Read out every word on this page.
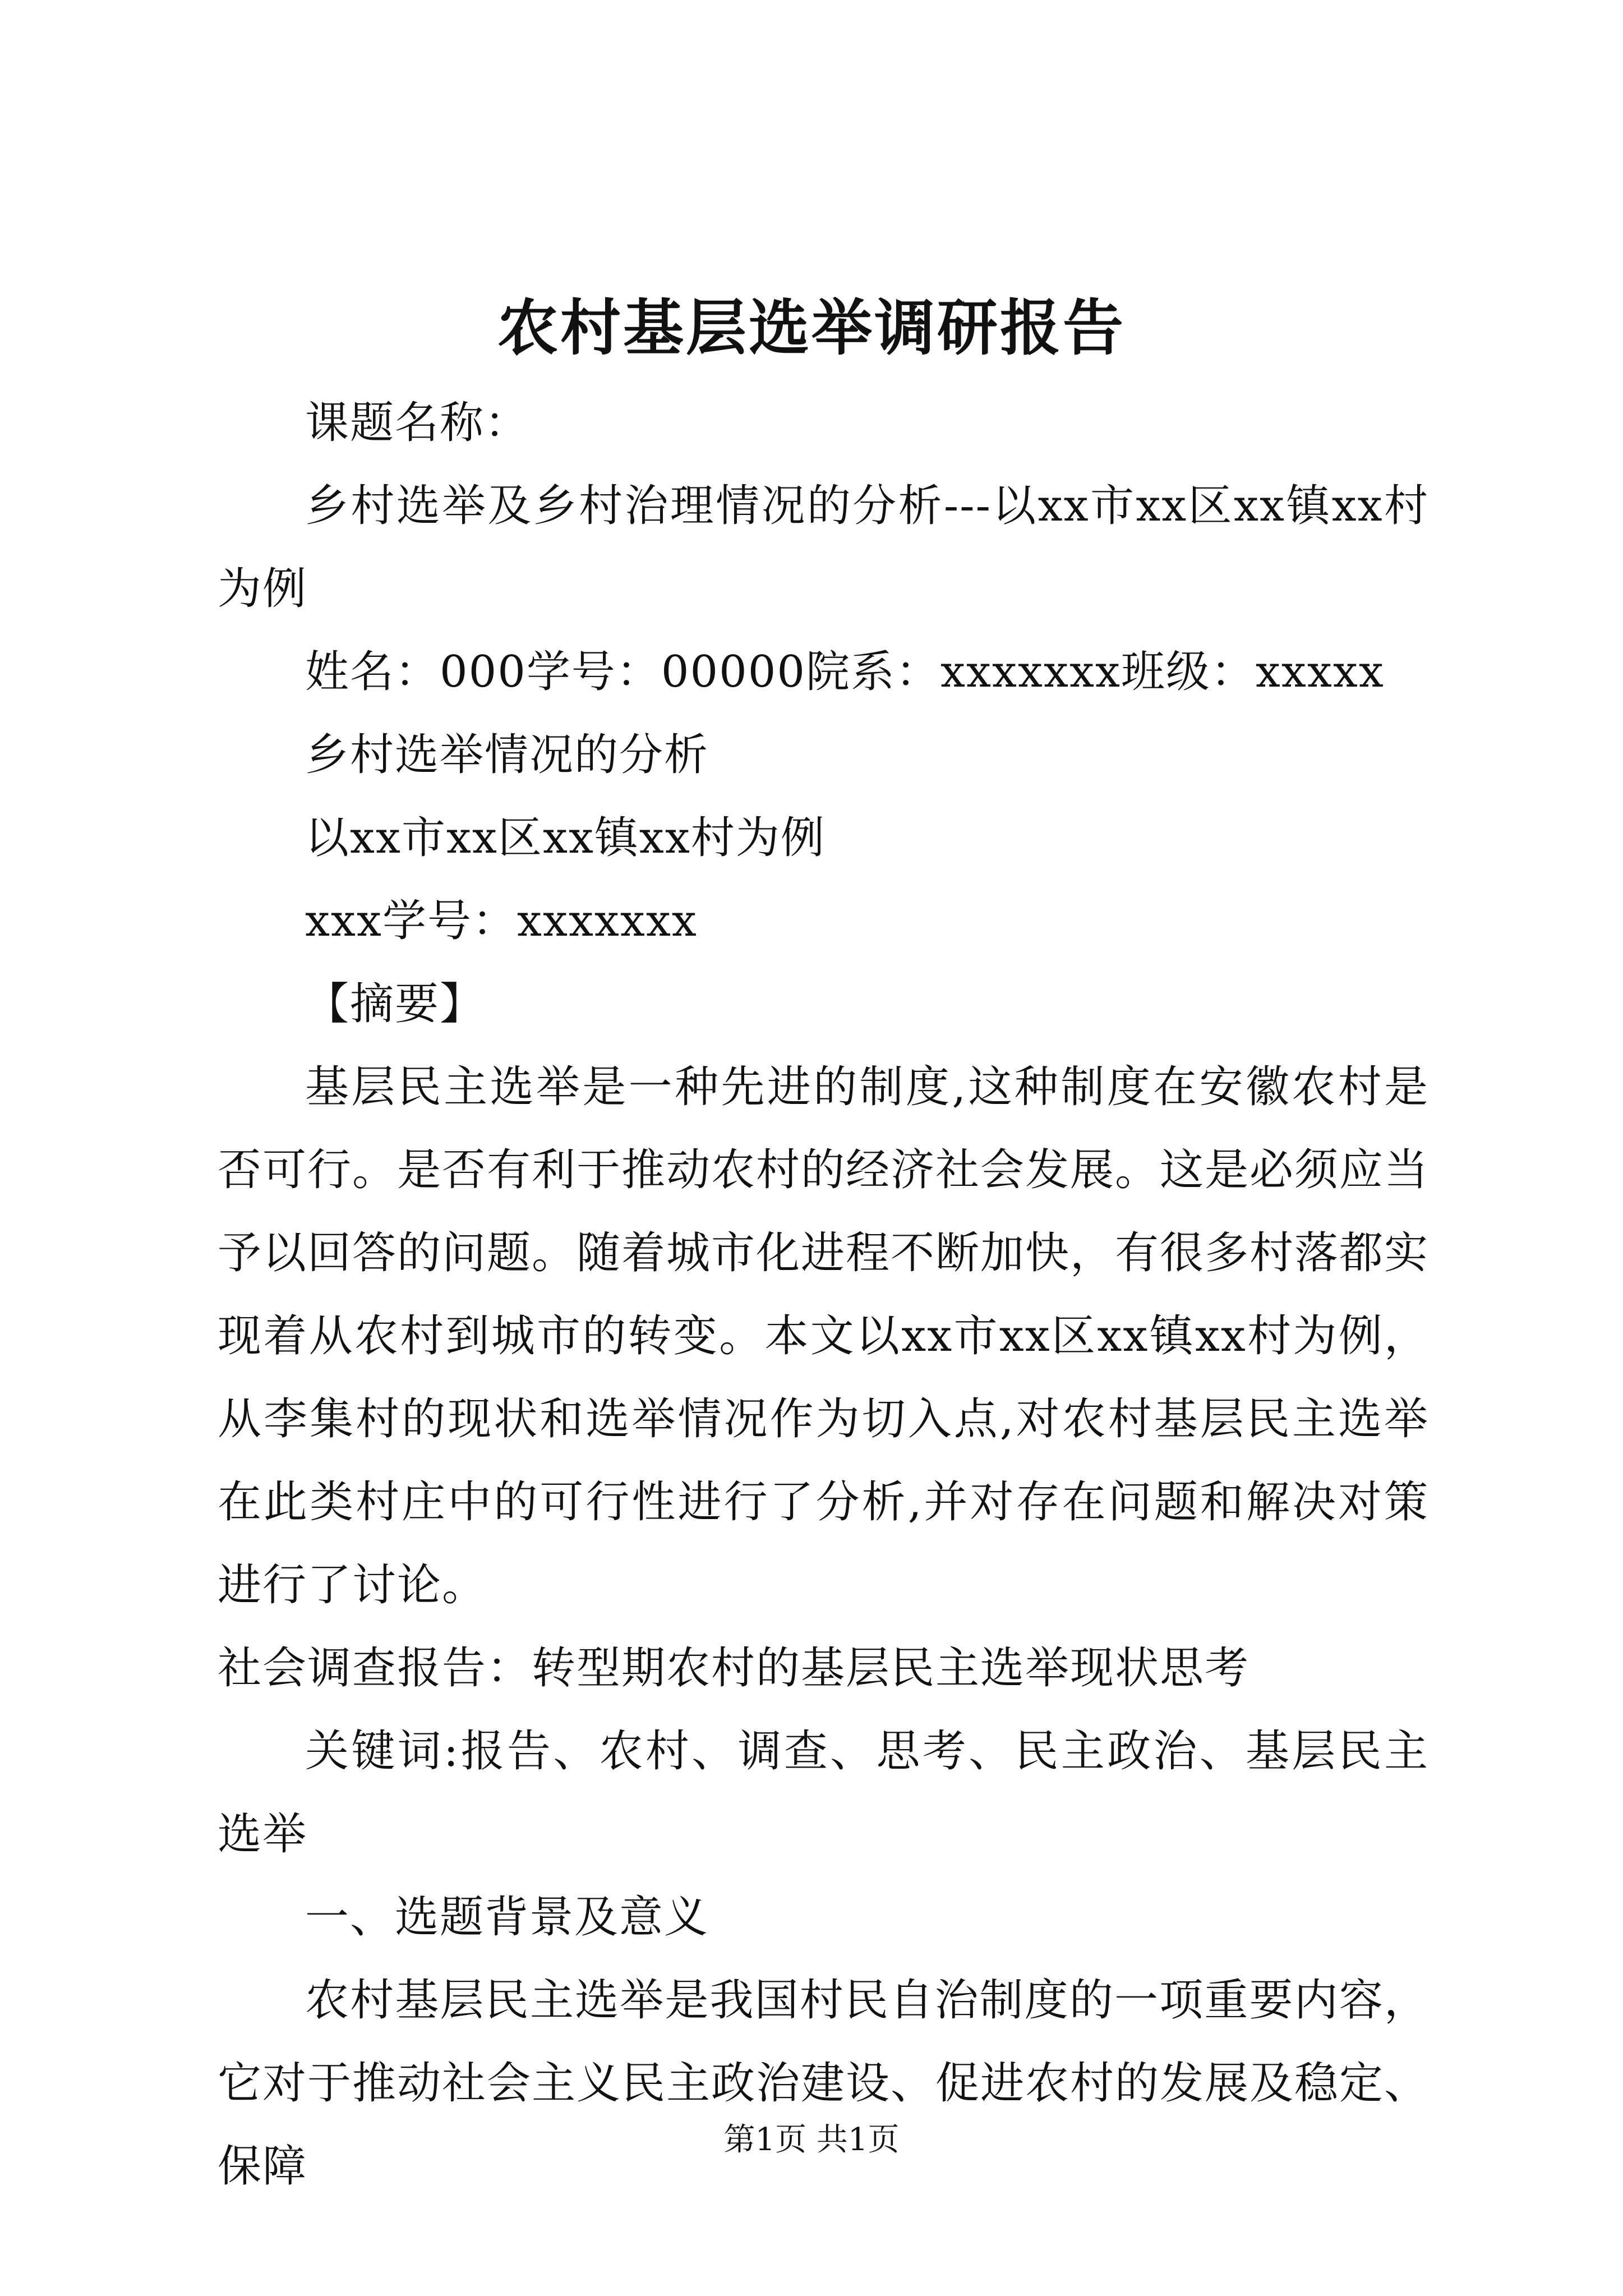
农村基层选举调研报告

课题名称：

乡村选举及乡村治理情况的分析---以xx市xx区xx镇xx村为例

姓名：000学号：00000院系：xxxxxxx班级：xxxxx

乡村选举情况的分析

以xx市xx区xx镇xx村为例

xxx学号：xxxxxxx

【摘要】

基层民主选举是一种先进的制度,这种制度在安徽农村是否可行。是否有利于推动农村的经济社会发展。这是必须应当予以回答的问题。随着城市化进程不断加快，有很多村落都实现着从农村到城市的转变。本文以xx市xx区xx镇xx村为例，从李集村的现状和选举情况作为切入点,对农村基层民主选举在此类村庄中的可行性进行了分析,并对存在问题和解决对策进行了讨论。

社会调查报告：转型期农村的基层民主选举现状思考

关键词:报告、农村、调查、思考、民主政治、基层民主选举

一、选题背景及意义

农村基层民主选举是我国村民自治制度的一项重要内容，它对于推动社会主义民主政治建设、促进农村的发展及稳定、保障

第1页 共1页
